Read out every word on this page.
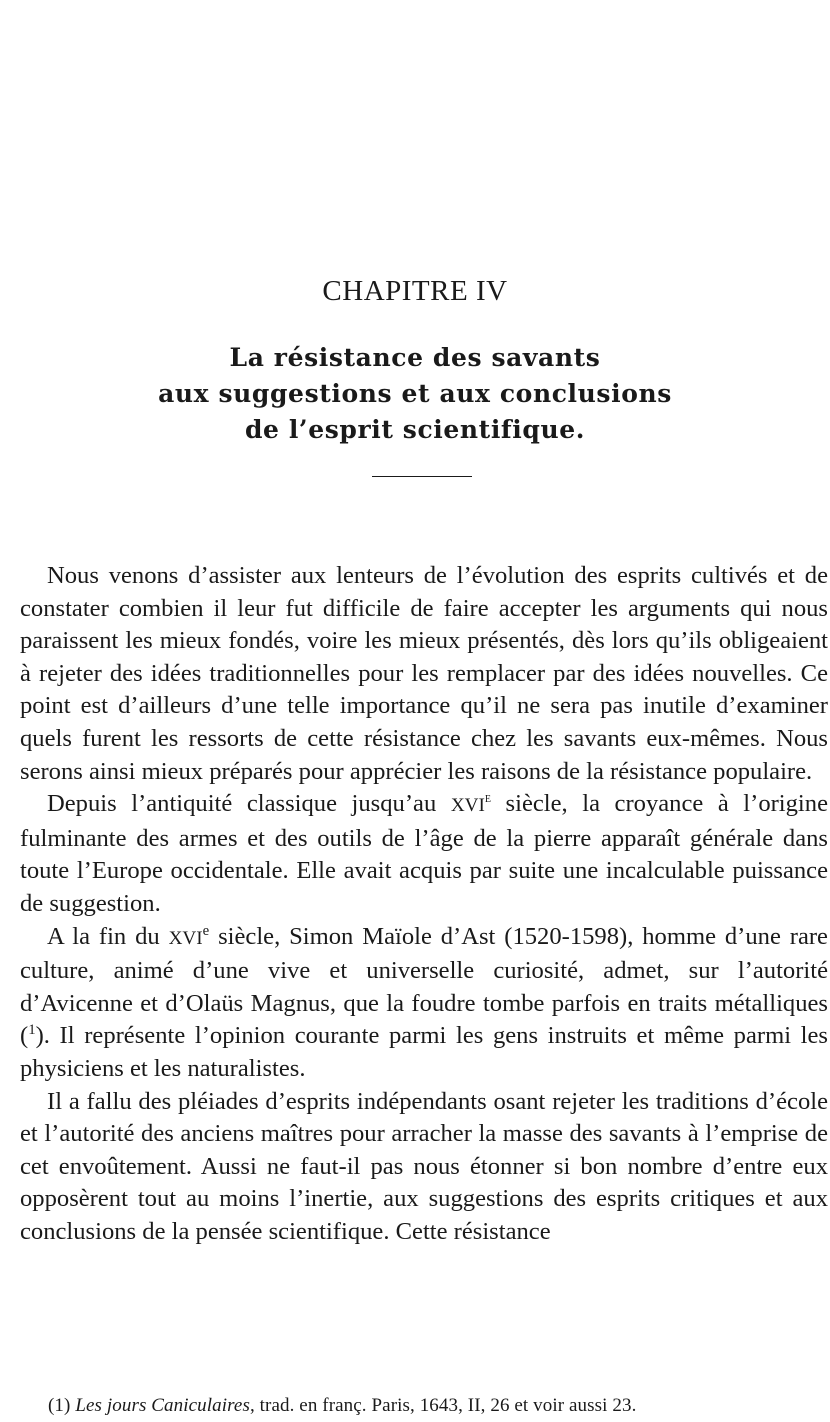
CHAPITRE IV
La résistance des savants
aux suggestions et aux conclusions
de l’esprit scientifique.

Nous venons d’assister aux lenteurs de l’évolution des esprits cultivés et de constater combien il leur fut difficile de faire accepter les arguments qui nous paraissent les mieux fondés, voire les mieux présentés, dès lors qu’ils obligeaient à rejeter des idées traditionnelles pour les remplacer par des idées nouvelles. Ce point est d’ailleurs d’une telle importance qu’il ne sera pas inutile d’examiner quels furent les ressorts de cette résistance chez les savants eux-mêmes. Nous serons ainsi mieux préparés pour apprécier les raisons de la résistance populaire.

Depuis l’antiquité classique jusqu’au XVIe siècle, la croyance à l’origine fulminante des armes et des outils de l’âge de la pierre apparaît générale dans toute l’Europe occidentale. Elle avait acquis par suite une incalculable puissance de suggestion.

A la fin du XVIe siècle, Simon Maïole d’Ast (1520-1598), homme d’une rare culture, animé d’une vive et universelle curiosité, admet, sur l’autorité d’Avicenne et d’Olaüs Magnus, que la foudre tombe parfois en traits métalliques ($^1$). Il représente l’opinion courante parmi les gens instruits et même parmi les physiciens et les naturalistes.

Il a fallu des pléiades d’esprits indépendants osant rejeter les traditions d’école et l’autorité des anciens maîtres pour arracher la masse des savants à l’emprise de cet envoûtement. Aussi ne faut-il pas nous étonner si bon nombre d’entre eux opposèrent tout au moins l’inertie, aux suggestions des esprits critiques et aux conclusions de la pensée scientifique. Cette résistance

(1) Les jours Caniculaires, trad. en franç. Paris, 1643, II, 26 et voir aussi 23.
